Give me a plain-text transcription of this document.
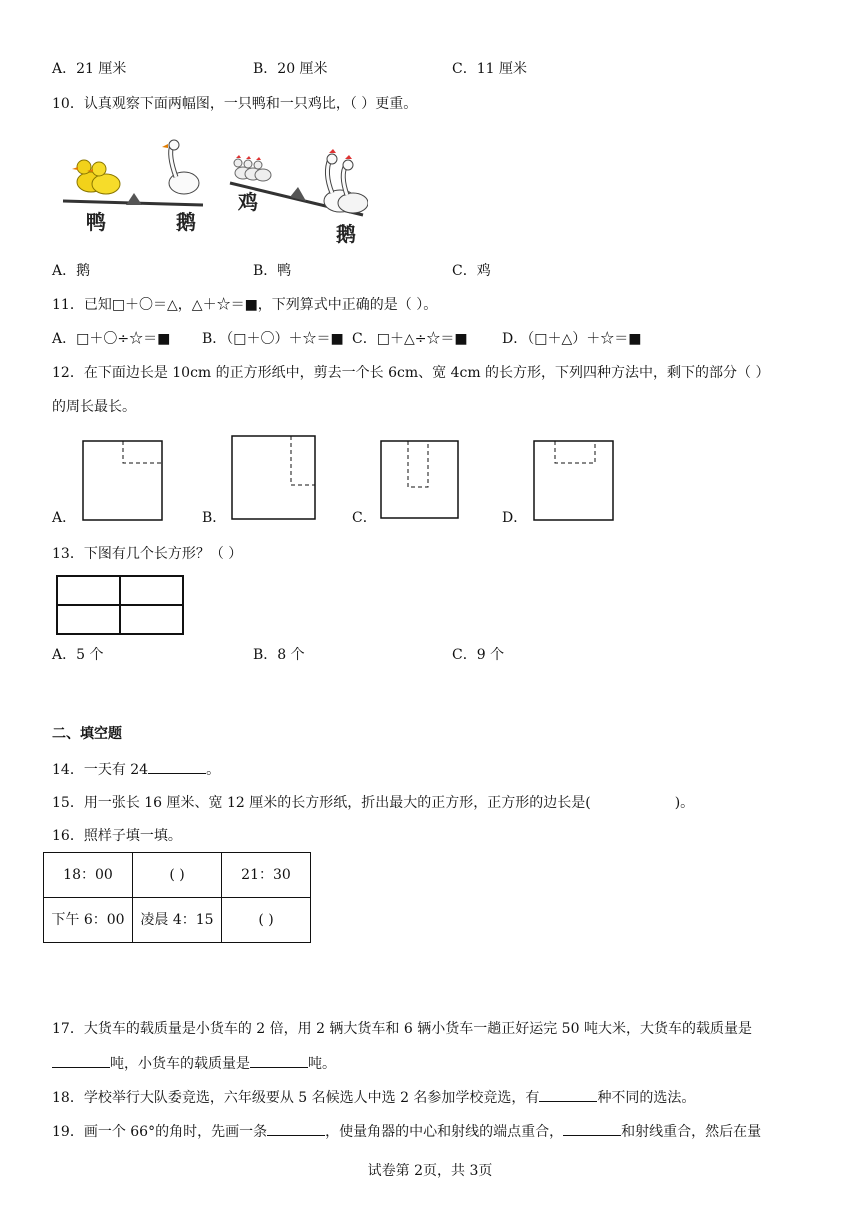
A．21 厘米	B．20 厘米	C．11 厘米
10．认真观察下面两幅图，一只鸭和一只鸡比，（ ）更重。
鸭	鹅
鸡
鹅
A．鹅	B．鸭	C．鸡
11．已知□＋〇＝△，△＋☆＝■，下列算式中正确的是（ ）。
A．□＋〇÷☆＝■ B．（□＋〇）＋☆＝■ C．□＋△÷☆＝■ D．（□＋△）＋☆＝■
12．在下面边长是 10cm 的正方形纸中，剪去一个长 6cm、宽 4cm 的长方形，下列四种方法中，剩下的部分（ ）
的周长最长。
A．	B．	C．	D．
13．下图有几个长方形？（ ）
A．5 个	B．8 个	C．9 个
二、填空题
14．一天有 24	。
15．用一张长 16 厘米、宽 12 厘米的长方形纸，折出最大的正方形，正方形的边长是(	)。
16．照样子填一填。
18：00	( )	21：30
下午 6：00	凌晨 4：15	( )
17．大货车的载质量是小货车的 2 倍，用 2 辆大货车和 6 辆小货车一趟正好运完 50 吨大米，大货车的载质量是
吨，小货车的载质量是	吨。
18．学校举行大队委竞选，六年级要从 5 名候选人中选 2 名参加学校竞选，有	种不同的选法。
19．画一个 66°的角时，先画一条	，使量角器的中心和射线的端点重合，	和射线重合，然后在量
试卷第 2页，共 3页
